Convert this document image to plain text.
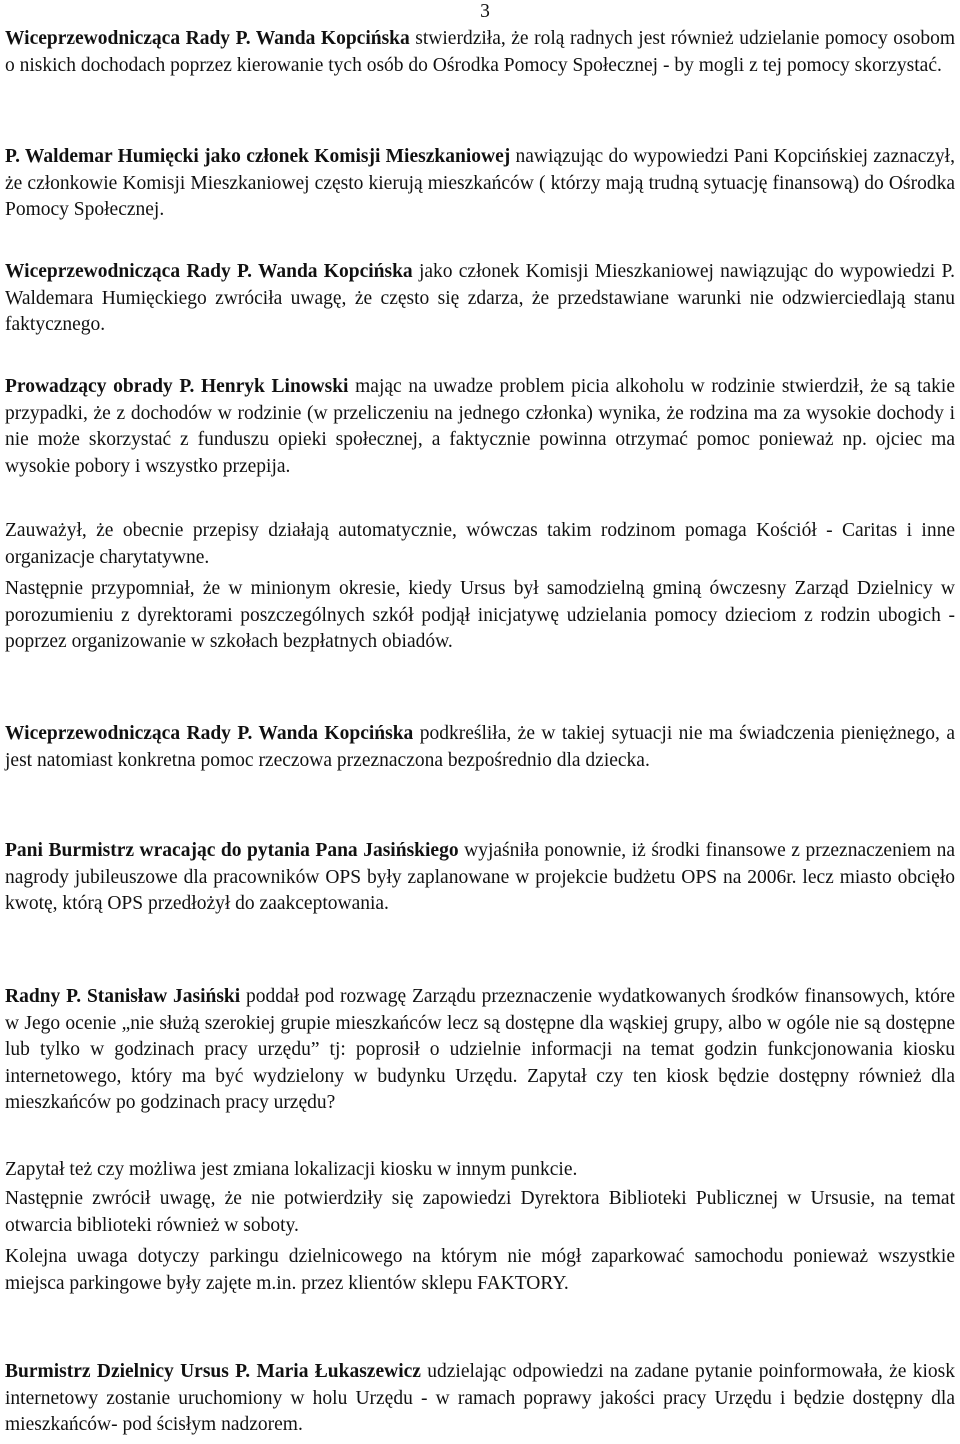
3

Wiceprzewodnicząca Rady P. Wanda Kopcińska stwierdziła, że rolą radnych jest również udzielanie pomocy osobom o niskich dochodach poprzez kierowanie tych osób do Ośrodka Pomocy Społecznej - by mogli z tej pomocy skorzystać.

P. Waldemar Humięcki jako członek Komisji Mieszkaniowej nawiązując do wypowiedzi Pani Kopcińskiej zaznaczył, że członkowie Komisji Mieszkaniowej często kierują mieszkańców ( którzy mają trudną sytuację finansową) do Ośrodka Pomocy Społecznej.

Wiceprzewodnicząca Rady P. Wanda Kopcińska jako członek Komisji Mieszkaniowej nawiązując do wypowiedzi P. Waldemara Humięckiego zwróciła uwagę, że często się zdarza, że przedstawiane warunki nie odzwierciedlają stanu faktycznego.

Prowadzący obrady P. Henryk Linowski mając na uwadze problem picia alkoholu w rodzinie stwierdził, że są takie przypadki, że z dochodów w rodzinie (w przeliczeniu na jednego członka) wynika, że rodzina ma za wysokie dochody i nie może skorzystać z funduszu opieki społecznej, a faktycznie powinna otrzymać pomoc ponieważ np. ojciec ma wysokie pobory i wszystko przepija.

Zauważył, że obecnie przepisy działają automatycznie, wówczas takim rodzinom pomaga Kościół - Caritas i inne organizacje charytatywne.

Następnie przypomniał, że w minionym okresie, kiedy Ursus był samodzielną gminą ówczesny Zarząd Dzielnicy w porozumieniu z dyrektorami poszczególnych szkół podjął inicjatywę udzielania pomocy dzieciom z rodzin ubogich - poprzez organizowanie w szkołach bezpłatnych obiadów.

Wiceprzewodnicząca Rady P. Wanda Kopcińska podkreśliła, że w takiej sytuacji nie ma świadczenia pieniężnego, a jest natomiast konkretna pomoc rzeczowa przeznaczona bezpośrednio dla dziecka.

Pani Burmistrz wracając do pytania Pana Jasińskiego wyjaśniła ponownie, iż środki finansowe z przeznaczeniem na nagrody jubileuszowe dla pracowników OPS były zaplanowane w projekcie budżetu OPS na 2006r. lecz miasto obcięło kwotę, którą OPS przedłożył do zaakceptowania.

Radny P. Stanisław Jasiński poddał pod rozwagę Zarządu przeznaczenie wydatkowanych środków finansowych, które w Jego ocenie „nie służą szerokiej grupie mieszkańców lecz są dostępne dla wąskiej grupy, albo w ogóle nie są dostępne lub tylko w godzinach pracy urzędu” tj: poprosił o udzielnie informacji na temat godzin funkcjonowania kiosku internetowego, który ma być wydzielony w budynku Urzędu. Zapytał czy ten kiosk będzie dostępny również dla mieszkańców po godzinach pracy urzędu?

Zapytał też czy możliwa jest zmiana lokalizacji kiosku w innym punkcie.

Następnie zwrócił uwagę, że nie potwierdziły się zapowiedzi Dyrektora Biblioteki Publicznej w Ursusie, na temat otwarcia biblioteki również w soboty.

Kolejna uwaga dotyczy parkingu dzielnicowego na którym nie mógł zaparkować samochodu ponieważ wszystkie miejsca parkingowe były zajęte m.in. przez klientów sklepu FAKTORY.

Burmistrz Dzielnicy Ursus P. Maria Łukaszewicz udzielając odpowiedzi na zadane pytanie poinformowała, że kiosk internetowy zostanie uruchomiony w holu Urzędu - w ramach poprawy jakości pracy Urzędu i będzie dostępny dla mieszkańców- pod ścisłym nadzorem.
